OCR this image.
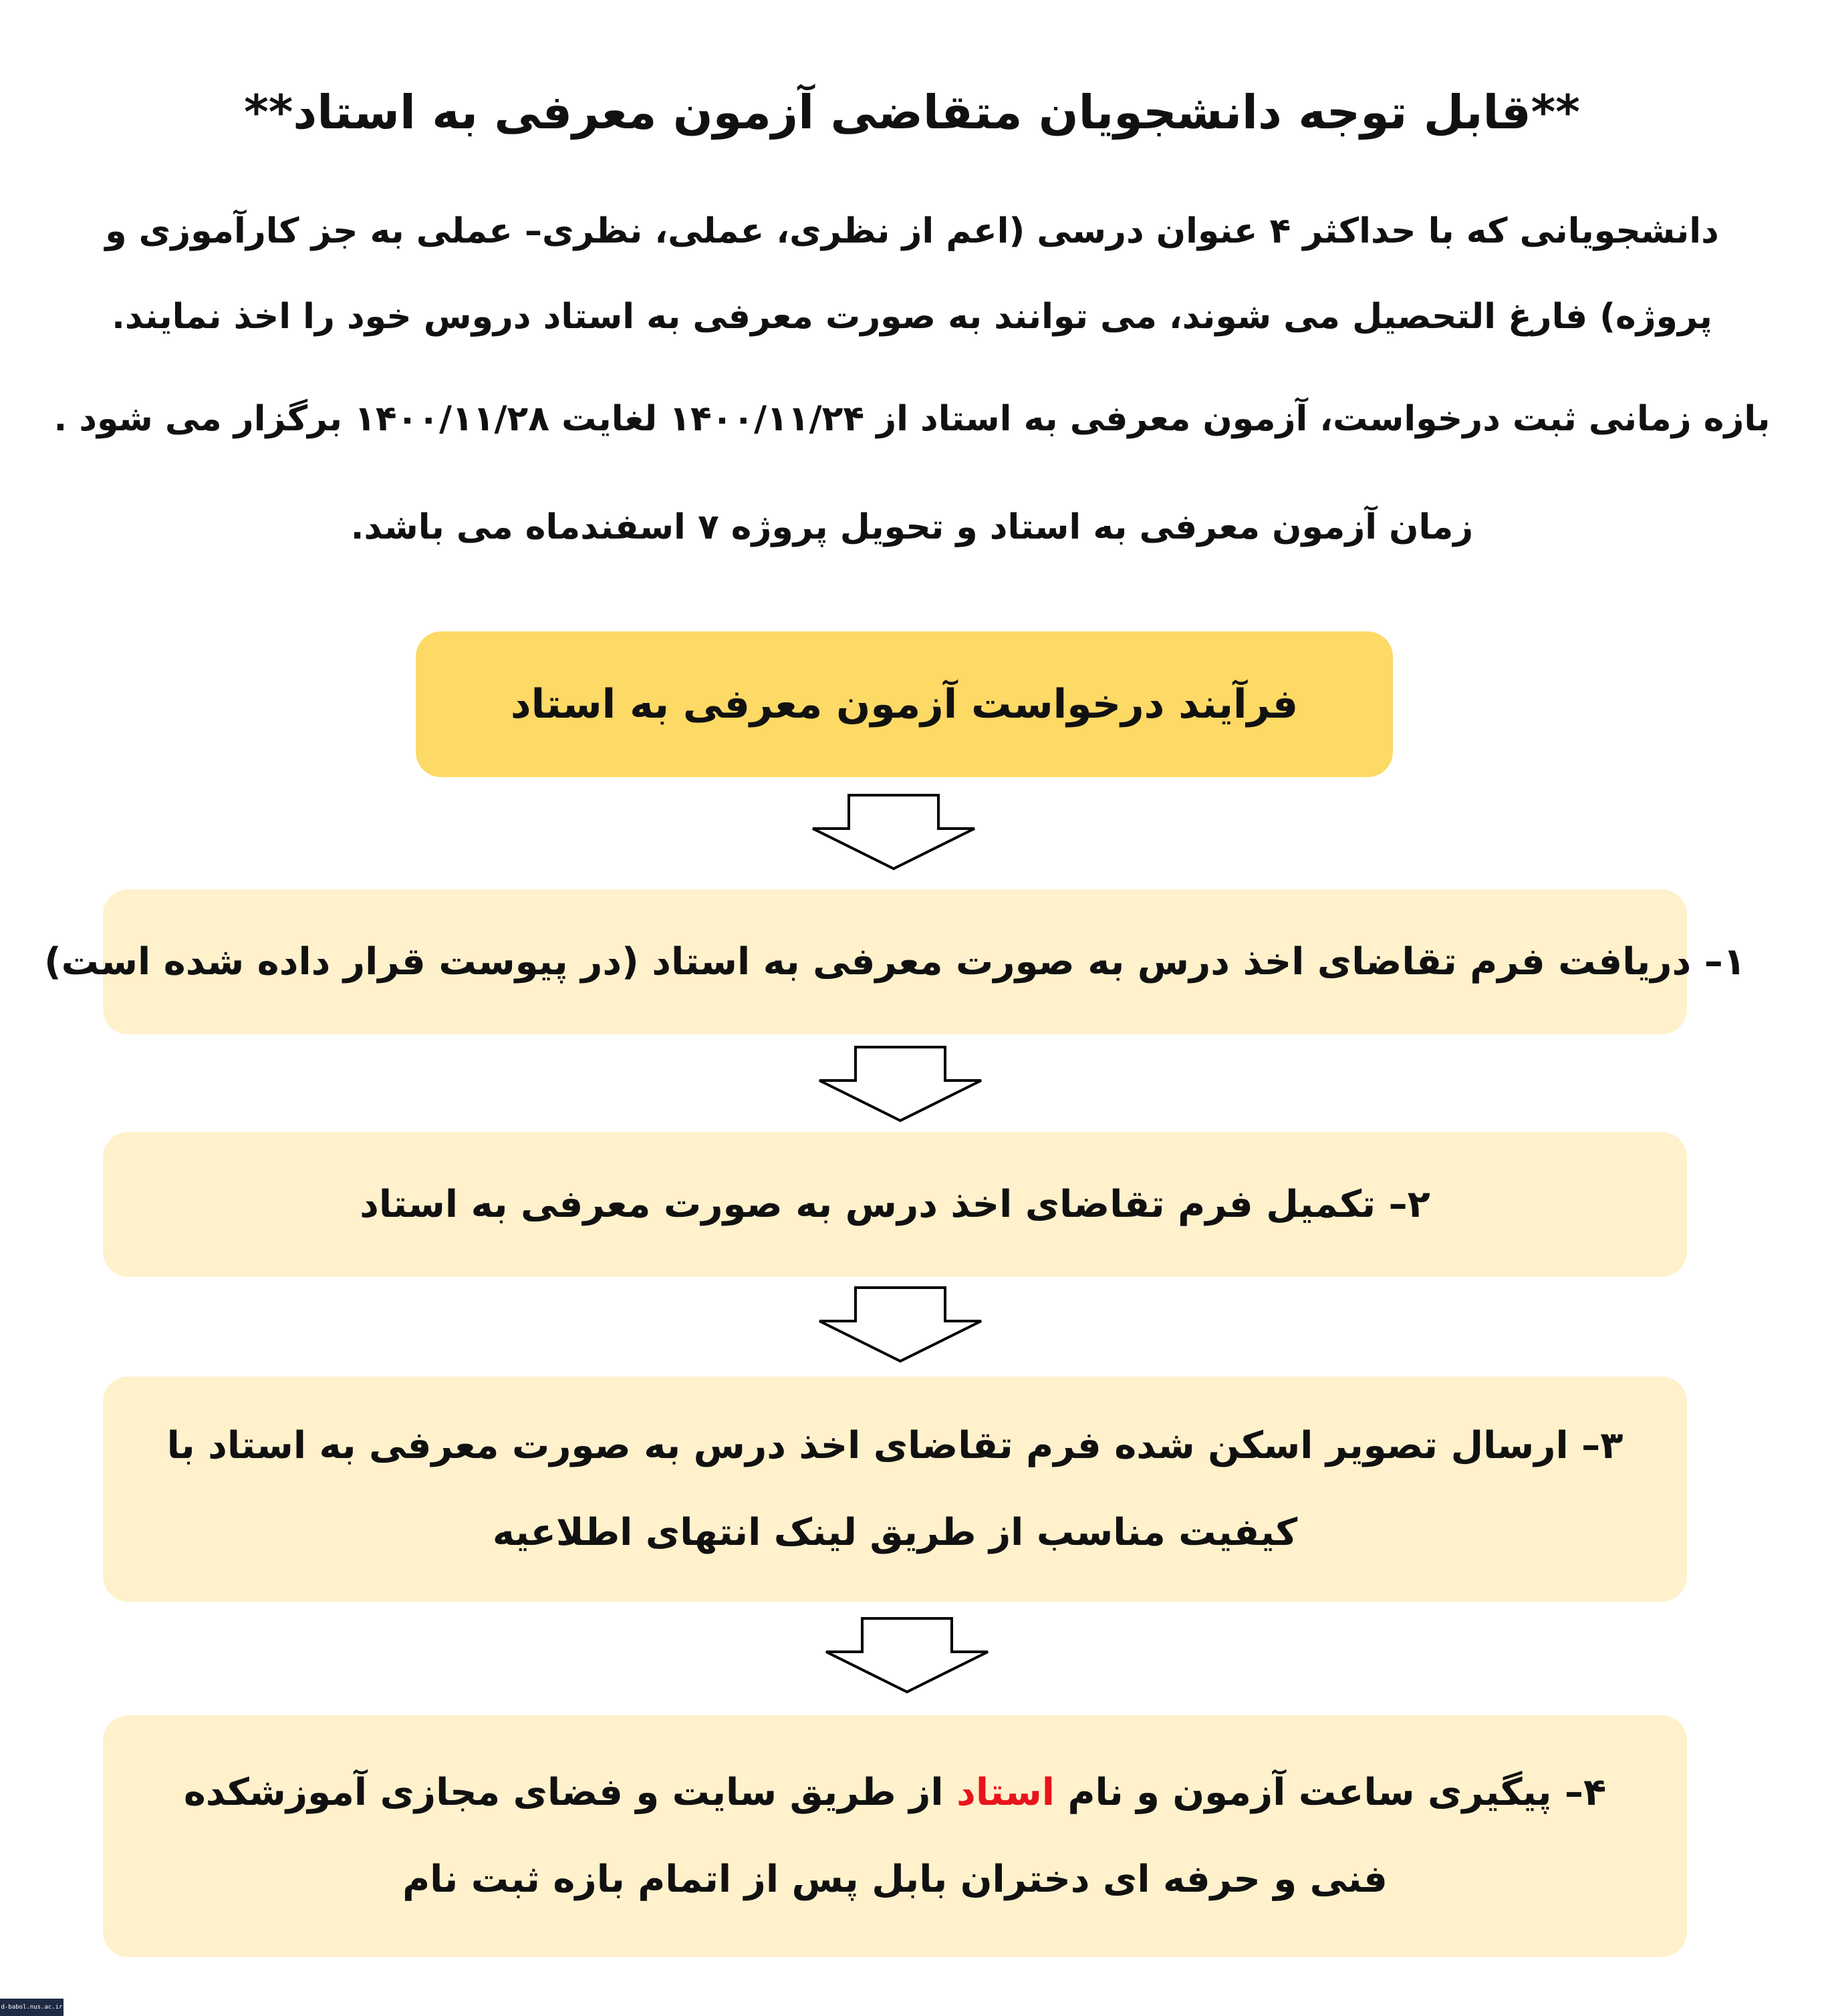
**قابل توجه دانشجویان متقاضی آزمون معرفی به استاد**
دانشجویانی که با حداکثر ۴ عنوان درسی (اعم از نظری، عملی، نظری– عملی به جز کارآموزی و پروژه) فارغ التحصیل می شوند، می توانند به صورت معرفی به استاد دروس خود را اخذ نمایند.
بازه زمانی ثبت درخواست، آزمون معرفی به استاد از ۱۴۰۰/۱۱/۲۴ لغایت ۱۴۰۰/۱۱/۲۸ برگزار می شود .
زمان آزمون معرفی به استاد و تحویل پروژه ۷ اسفندماه می باشد.
فرآیند درخواست آزمون معرفی به استاد
۱– دریافت فرم تقاضای اخذ درس به صورت معرفی به استاد (در پیوست قرار داده شده است)
۲– تکمیل فرم تقاضای اخذ درس به صورت معرفی به استاد
۳– ارسال تصویر اسکن شده فرم تقاضای اخذ درس به صورت معرفی به استاد با کیفیت مناسب از طریق لینک انتهای اطلاعیه
۴– پیگیری ساعت آزمون و نام استاد از طریق سایت و فضای مجازی آموزشکده فنی و حرفه ای دختران بابل پس از اتمام بازه ثبت نام
d-babol.nus.ac.ir
